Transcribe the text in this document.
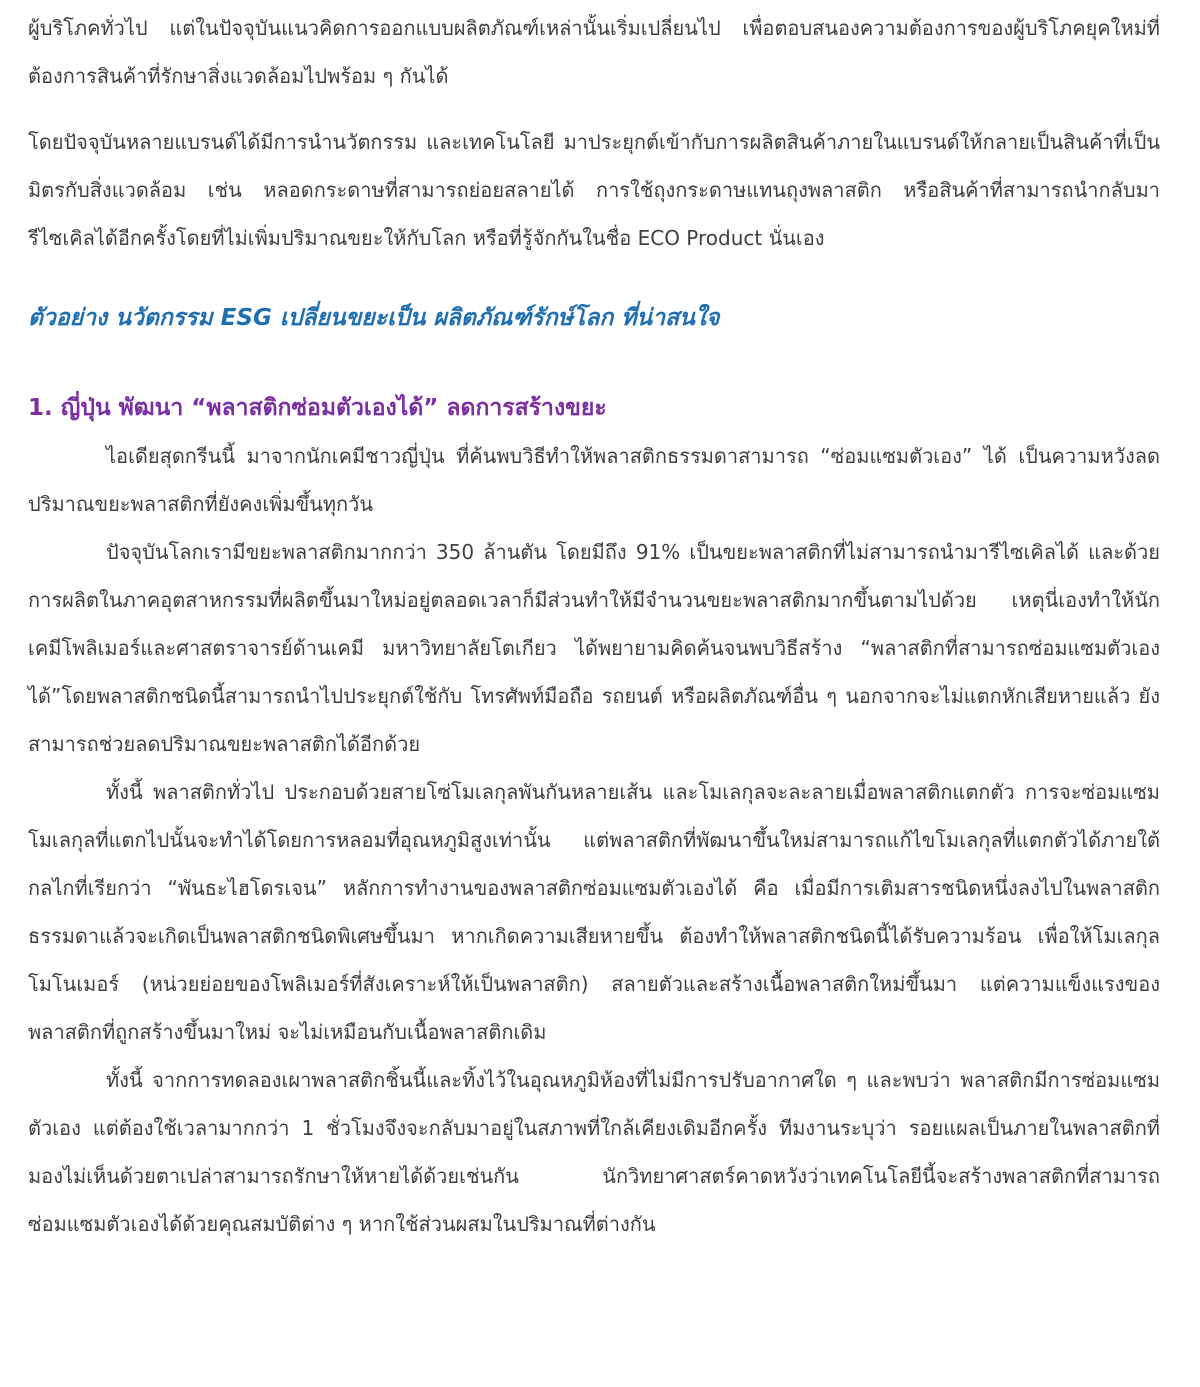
ผู้บริโภคทั่วไป แต่ในปัจจุบันแนวคิดการออกแบบผลิตภัณฑ์เหล่านั้นเริ่มเปลี่ยนไป เพื่อตอบสนองความต้องการของผู้บริโภคยุคใหม่ที่ต้องการสินค้าที่รักษาสิ่งแวดล้อมไปพร้อม ๆ กันได้

โดยปัจจุบันหลายแบรนด์ได้มีการนำนวัตกรรม และเทคโนโลยี มาประยุกต์เข้ากับการผลิตสินค้าภายในแบรนด์ให้กลายเป็นสินค้าที่เป็นมิตรกับสิ่งแวดล้อม เช่น หลอดกระดาษที่สามารถย่อยสลายได้ การใช้ถุงกระดาษแทนถุงพลาสติก หรือสินค้าที่สามารถนำกลับมารีไซเคิลได้อีกครั้งโดยที่ไม่เพิ่มปริมาณขยะให้กับโลก หรือที่รู้จักกันในชื่อ ECO Product นั่นเอง

ตัวอย่าง นวัตกรรม ESG เปลี่ยนขยะเป็น ผลิตภัณฑ์รักษ์โลก ที่น่าสนใจ
1. ญี่ปุ่น พัฒนา “พลาสติกซ่อมตัวเองได้” ลดการสร้างขยะ

ไอเดียสุดกรีนนี้ มาจากนักเคมีชาวญี่ปุ่น ที่ค้นพบวิธีทำให้พลาสติกธรรมดาสามารถ “ซ่อมแซมตัวเอง” ได้ เป็นความหวังลดปริมาณขยะพลาสติกที่ยังคงเพิ่มขึ้นทุกวัน

ปัจจุบันโลกเรามีขยะพลาสติกมากกว่า 350 ล้านตัน โดยมีถึง 91% เป็นขยะพลาสติกที่ไม่สามารถนำมารีไซเคิลได้ และด้วยการผลิตในภาคอุตสาหกรรมที่ผลิตขึ้นมาใหม่อยู่ตลอดเวลาก็มีส่วนทำให้มีจำนวนขยะพลาสติกมากขึ้นตามไปด้วย เหตุนี่เองทำให้นักเคมีโพลิเมอร์และศาสตราจารย์ด้านเคมี มหาวิทยาลัยโตเกียว ได้พยายามคิดค้นจนพบวิธีสร้าง “พลาสติกที่สามารถซ่อมแซมตัวเองได้”โดยพลาสติกชนิดนี้สามารถนำไปประยุกต์ใช้กับ โทรศัพท์มือถือ รถยนต์ หรือผลิตภัณฑ์อื่น ๆ นอกจากจะไม่แตกหักเสียหายแล้ว ยังสามารถช่วยลดปริมาณขยะพลาสติกได้อีกด้วย

ทั้งนี้ พลาสติกทั่วไป ประกอบด้วยสายโซ่โมเลกุลพันกันหลายเส้น และโมเลกุลจะละลายเมื่อพลาสติกแตกตัว การจะซ่อมแซมโมเลกุลที่แตกไปนั้นจะทำได้โดยการหลอมที่อุณหภูมิสูงเท่านั้น แต่พลาสติกที่พัฒนาขึ้นใหม่สามารถแก้ไขโมเลกุลที่แตกตัวได้ภายใต้กลไกที่เรียกว่า “พันธะไฮโดรเจน” หลักการทำงานของพลาสติกซ่อมแซมตัวเองได้ คือ เมื่อมีการเติมสารชนิดหนึ่งลงไปในพลาสติกธรรมดาแล้วจะเกิดเป็นพลาสติกชนิดพิเศษขึ้นมา หากเกิดความเสียหายขึ้น ต้องทำให้พลาสติกชนิดนี้ได้รับความร้อน เพื่อให้โมเลกุลโมโนเมอร์ (หน่วยย่อยของโพลิเมอร์ที่สังเคราะห์ให้เป็นพลาสติก) สลายตัวและสร้างเนื้อพลาสติกใหม่ขึ้นมา แต่ความแข็งแรงของพลาสติกที่ถูกสร้างขึ้นมาใหม่ จะไม่เหมือนกับเนื้อพลาสติกเดิม

ทั้งนี้ จากการทดลองเผาพลาสติกชิ้นนี้และทิ้งไว้ในอุณหภูมิห้องที่ไม่มีการปรับอากาศใด ๆ และพบว่า พลาสติกมีการซ่อมแซมตัวเอง แต่ต้องใช้เวลามากกว่า 1 ชั่วโมงจึงจะกลับมาอยู่ในสภาพที่ใกล้เคียงเดิมอีกครั้ง ทีมงานระบุว่า รอยแผลเป็นภายในพลาสติกที่มองไม่เห็นด้วยตาเปล่าสามารถรักษาให้หายได้ด้วยเช่นกัน นักวิทยาศาสตร์คาดหวังว่าเทคโนโลยีนี้จะสร้างพลาสติกที่สามารถซ่อมแซมตัวเองได้ด้วยคุณสมบัติต่าง ๆ หากใช้ส่วนผสมในปริมาณที่ต่างกัน
